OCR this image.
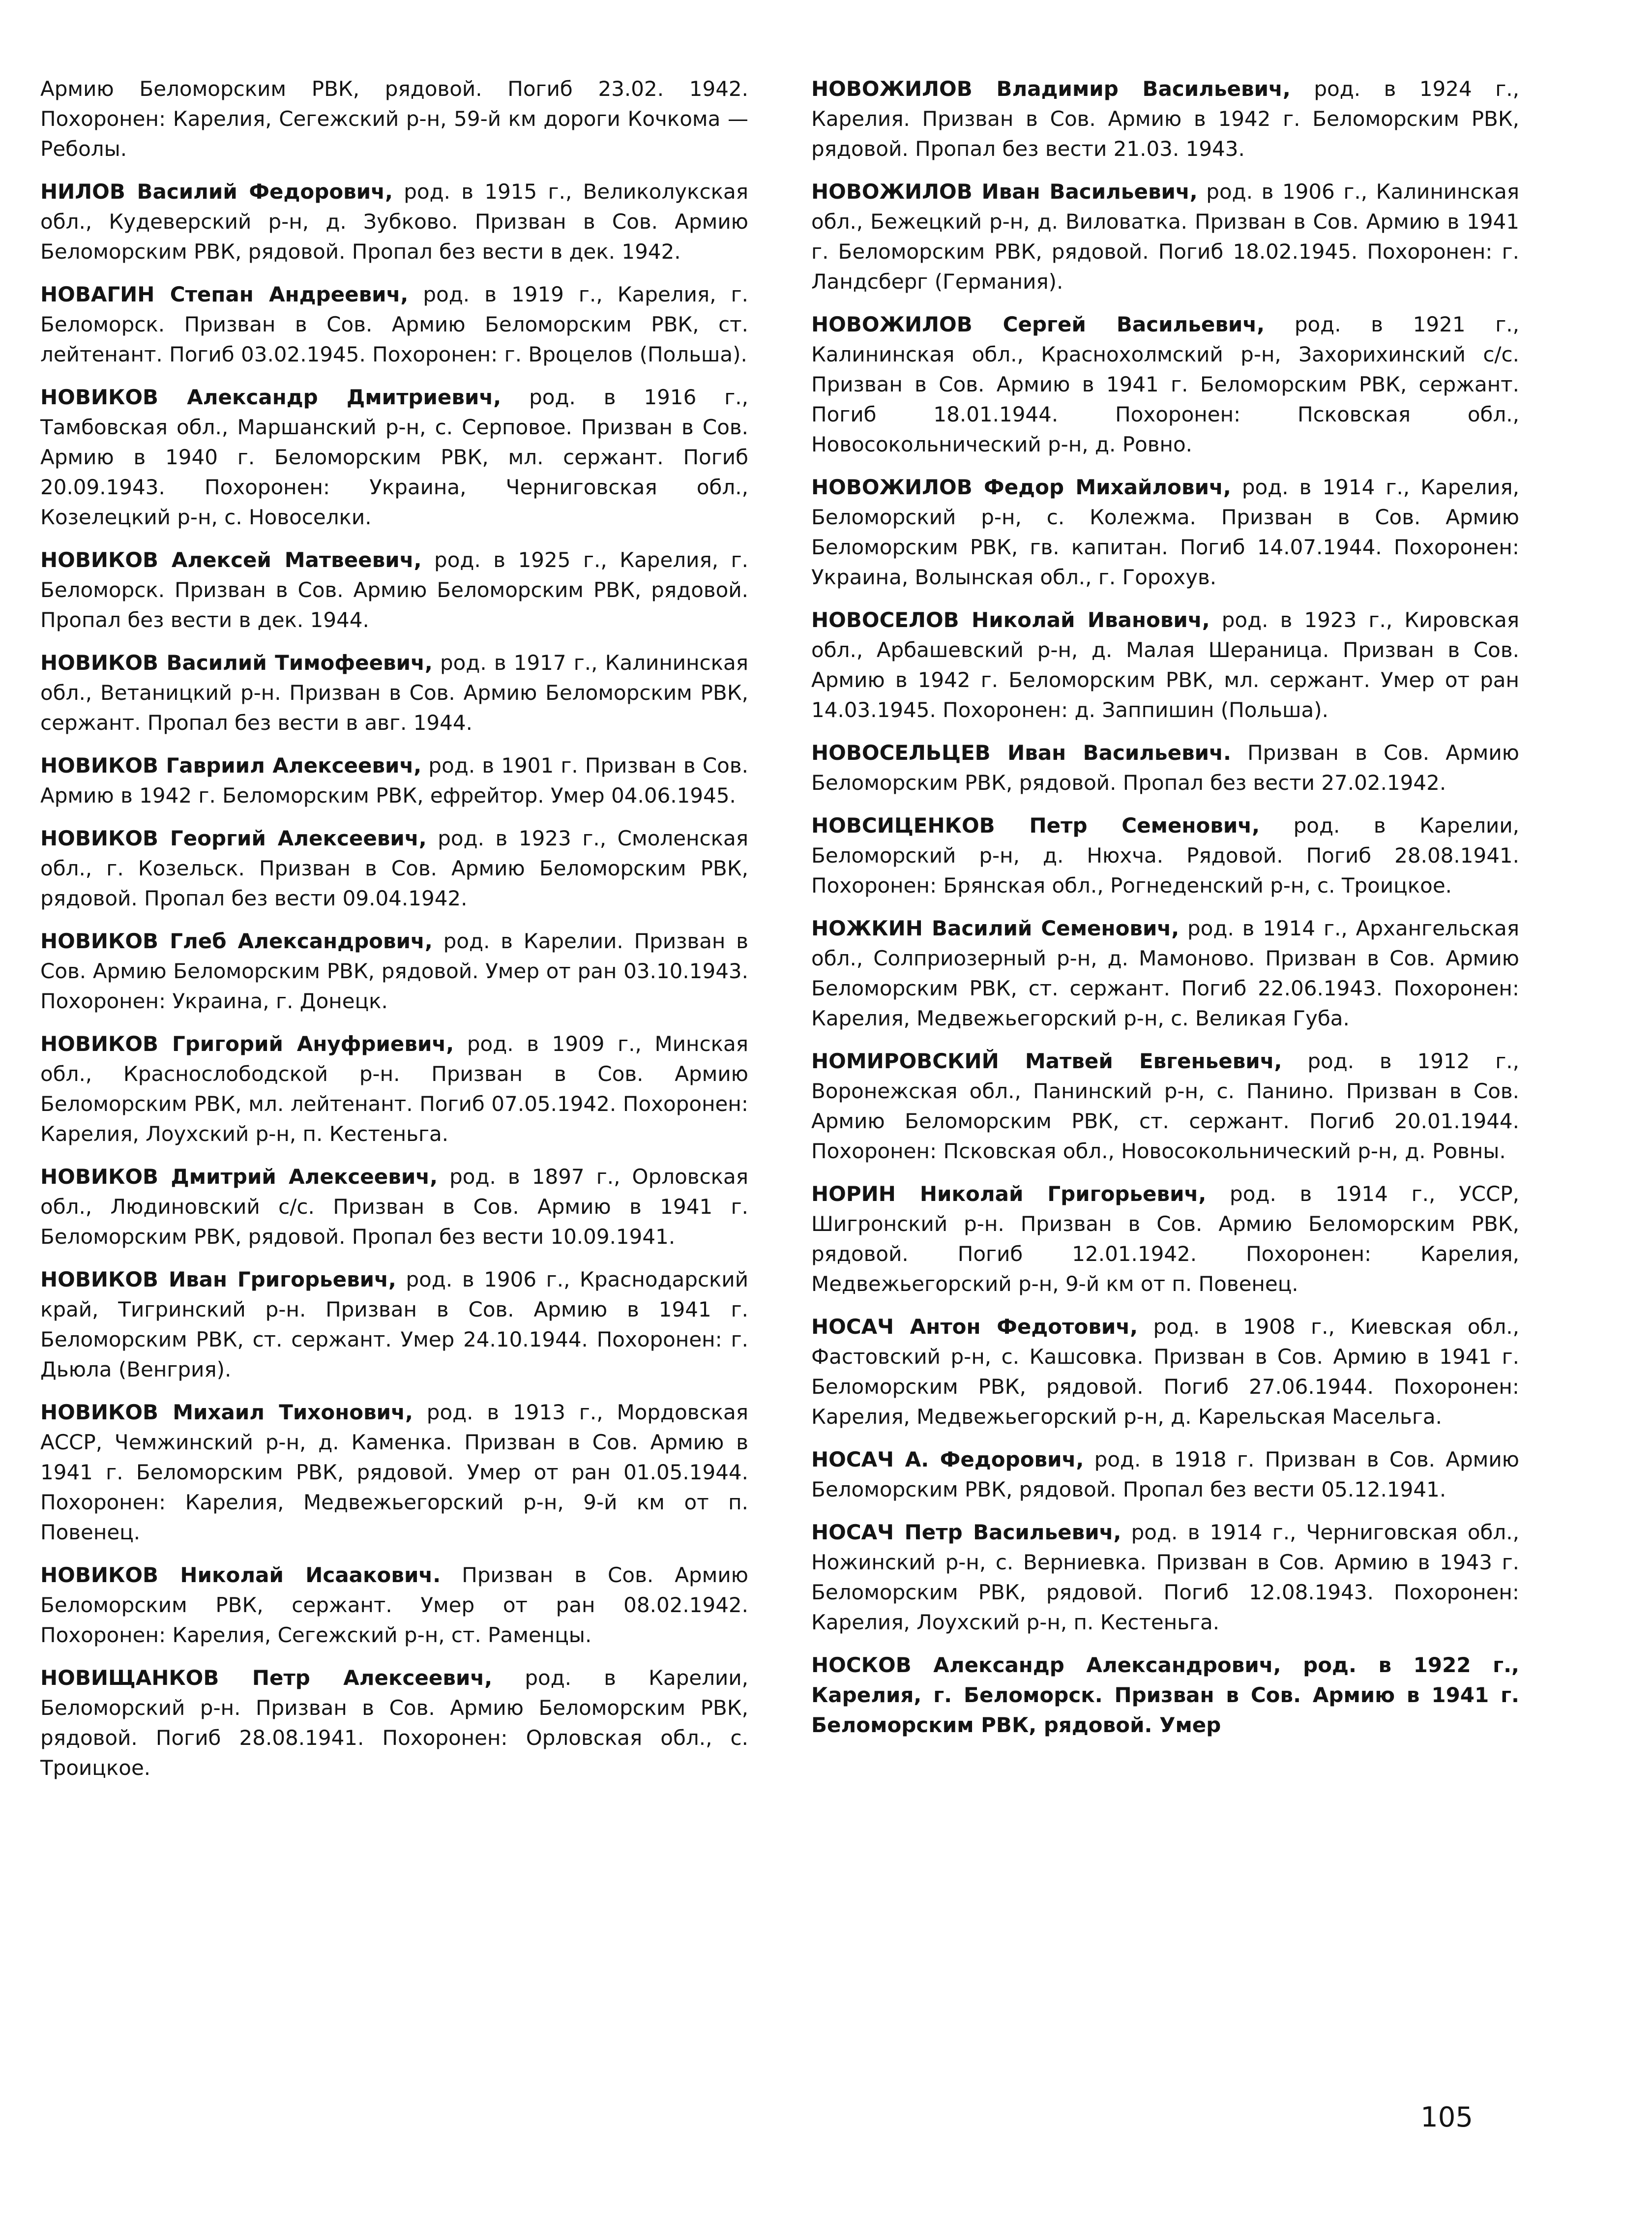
Армию Беломорским РВК, рядовой. Погиб 23.02. 1942. Похоронен: Карелия, Сегежский р-н, 59-й км дороги Кочкома — Реболы.

НИЛОВ Василий Федорович, род. в 1915 г., Великолукская обл., Кудеверский р-н, д. Зубково. Призван в Сов. Армию Беломорским РВК, рядовой. Пропал без вести в дек. 1942.

НОВАГИН Степан Андреевич, род. в 1919 г., Карелия, г. Беломорск. Призван в Сов. Армию Беломорским РВК, ст. лейтенант. Погиб 03.02.1945. Похоронен: г. Вроцелов (Польша).

НОВИКОВ Александр Дмитриевич, род. в 1916 г., Тамбовская обл., Маршанский р-н, с. Серповое. Призван в Сов. Армию в 1940 г. Беломорским РВК, мл. сержант. Погиб 20.09.1943. Похоронен: Украина, Черниговская обл., Козелецкий р-н, с. Новоселки.

НОВИКОВ Алексей Матвеевич, род. в 1925 г., Карелия, г. Беломорск. Призван в Сов. Армию Беломорским РВК, рядовой. Пропал без вести в дек. 1944.

НОВИКОВ Василий Тимофеевич, род. в 1917 г., Калининская обл., Ветаницкий р-н. Призван в Сов. Армию Беломорским РВК, сержант. Пропал без вести в авг. 1944.

НОВИКОВ Гавриил Алексеевич, род. в 1901 г. Призван в Сов. Армию в 1942 г. Беломорским РВК, ефрейтор. Умер 04.06.1945.

НОВИКОВ Георгий Алексеевич, род. в 1923 г., Смоленская обл., г. Козельск. Призван в Сов. Армию Беломорским РВК, рядовой. Пропал без вести 09.04.1942.

НОВИКОВ Глеб Александрович, род. в Карелии. Призван в Сов. Армию Беломорским РВК, рядовой. Умер от ран 03.10.1943. Похоронен: Украина, г. Донецк.

НОВИКОВ Григорий Ануфриевич, род. в 1909 г., Минская обл., Краснослободской р-н. Призван в Сов. Армию Беломорским РВК, мл. лейтенант. Погиб 07.05.1942. Похоронен: Карелия, Лоухский р-н, п. Кестеньга.

НОВИКОВ Дмитрий Алексеевич, род. в 1897 г., Орловская обл., Людиновский с/с. Призван в Сов. Армию в 1941 г. Беломорским РВК, рядовой. Пропал без вести 10.09.1941.

НОВИКОВ Иван Григорьевич, род. в 1906 г., Краснодарский край, Тигринский р-н. Призван в Сов. Армию в 1941 г. Беломорским РВК, ст. сержант. Умер 24.10.1944. Похоронен: г. Дьюла (Венгрия).

НОВИКОВ Михаил Тихонович, род. в 1913 г., Мордовская АССР, Чемжинский р-н, д. Каменка. Призван в Сов. Армию в 1941 г. Беломорским РВК, рядовой. Умер от ран 01.05.1944. Похоронен: Карелия, Медвежьегорский р-н, 9-й км от п. Повенец.

НОВИКОВ Николай Исаакович. Призван в Сов. Армию Беломорским РВК, сержант. Умер от ран 08.02.1942. Похоронен: Карелия, Сегежский р-н, ст. Раменцы.

НОВИЩАНКОВ Петр Алексеевич, род. в Карелии, Беломорский р-н. Призван в Сов. Армию Беломорским РВК, рядовой. Погиб 28.08.1941. Похоронен: Орловская обл., с. Троицкое.

НОВОЖИЛОВ Владимир Васильевич, род. в 1924 г., Карелия. Призван в Сов. Армию в 1942 г. Беломорским РВК, рядовой. Пропал без вести 21.03. 1943.

НОВОЖИЛОВ Иван Васильевич, род. в 1906 г., Калининская обл., Бежецкий р-н, д. Виловатка. Призван в Сов. Армию в 1941 г. Беломорским РВК, рядовой. Погиб 18.02.1945. Похоронен: г. Ландсберг (Германия).

НОВОЖИЛОВ Сергей Васильевич, род. в 1921 г., Калининская обл., Краснохолмский р-н, Захорихинский с/с. Призван в Сов. Армию в 1941 г. Беломорским РВК, сержант. Погиб 18.01.1944. Похоронен: Псковская обл., Новосокольнический р-н, д. Ровно.

НОВОЖИЛОВ Федор Михайлович, род. в 1914 г., Карелия, Беломорский р-н, с. Колежма. Призван в Сов. Армию Беломорским РВК, гв. капитан. Погиб 14.07.1944. Похоронен: Украина, Волынская обл., г. Горохув.

НОВОСЕЛОВ Николай Иванович, род. в 1923 г., Кировская обл., Арбашевский р-н, д. Малая Шераница. Призван в Сов. Армию в 1942 г. Беломорским РВК, мл. сержант. Умер от ран 14.03.1945. Похоронен: д. Заппишин (Польша).

НОВОСЕЛЬЦЕВ Иван Васильевич. Призван в Сов. Армию Беломорским РВК, рядовой. Пропал без вести 27.02.1942.

НОВСИЦЕНКОВ Петр Семенович, род. в Карелии, Беломорский р-н, д. Нюхча. Рядовой. Погиб 28.08.1941. Похоронен: Брянская обл., Рогнеденский р-н, с. Троицкое.

НОЖКИН Василий Семенович, род. в 1914 г., Архангельская обл., Солприозерный р-н, д. Мамоново. Призван в Сов. Армию Беломорским РВК, ст. сержант. Погиб 22.06.1943. Похоронен: Карелия, Медвежьегорский р-н, с. Великая Губа.

НОМИРОВСКИЙ Матвей Евгеньевич, род. в 1912 г., Воронежская обл., Панинский р-н, с. Панино. Призван в Сов. Армию Беломорским РВК, ст. сержант. Погиб 20.01.1944. Похоронен: Псковская обл., Новосокольнический р-н, д. Ровны.

НОРИН Николай Григорьевич, род. в 1914 г., УССР, Шигронский р-н. Призван в Сов. Армию Беломорским РВК, рядовой. Погиб 12.01.1942. Похоронен: Карелия, Медвежьегорский р-н, 9-й км от п. Повенец.

НОСАЧ Антон Федотович, род. в 1908 г., Киевская обл., Фастовский р-н, с. Кашсовка. Призван в Сов. Армию в 1941 г. Беломорским РВК, рядовой. Погиб 27.06.1944. Похоронен: Карелия, Медвежьегорский р-н, д. Карельская Масельга.

НОСАЧ А. Федорович, род. в 1918 г. Призван в Сов. Армию Беломорским РВК, рядовой. Пропал без вести 05.12.1941.

НОСАЧ Петр Васильевич, род. в 1914 г., Черниговская обл., Ножинский р-н, с. Верниевка. Призван в Сов. Армию в 1943 г. Беломорским РВК, рядовой. Погиб 12.08.1943. Похоронен: Карелия, Лоухский р-н, п. Кестеньга.

НОСКОВ Александр Александрович, род. в 1922 г., Карелия, г. Беломорск. Призван в Сов. Армию в 1941 г. Беломорским РВК, рядовой. Умер

105
